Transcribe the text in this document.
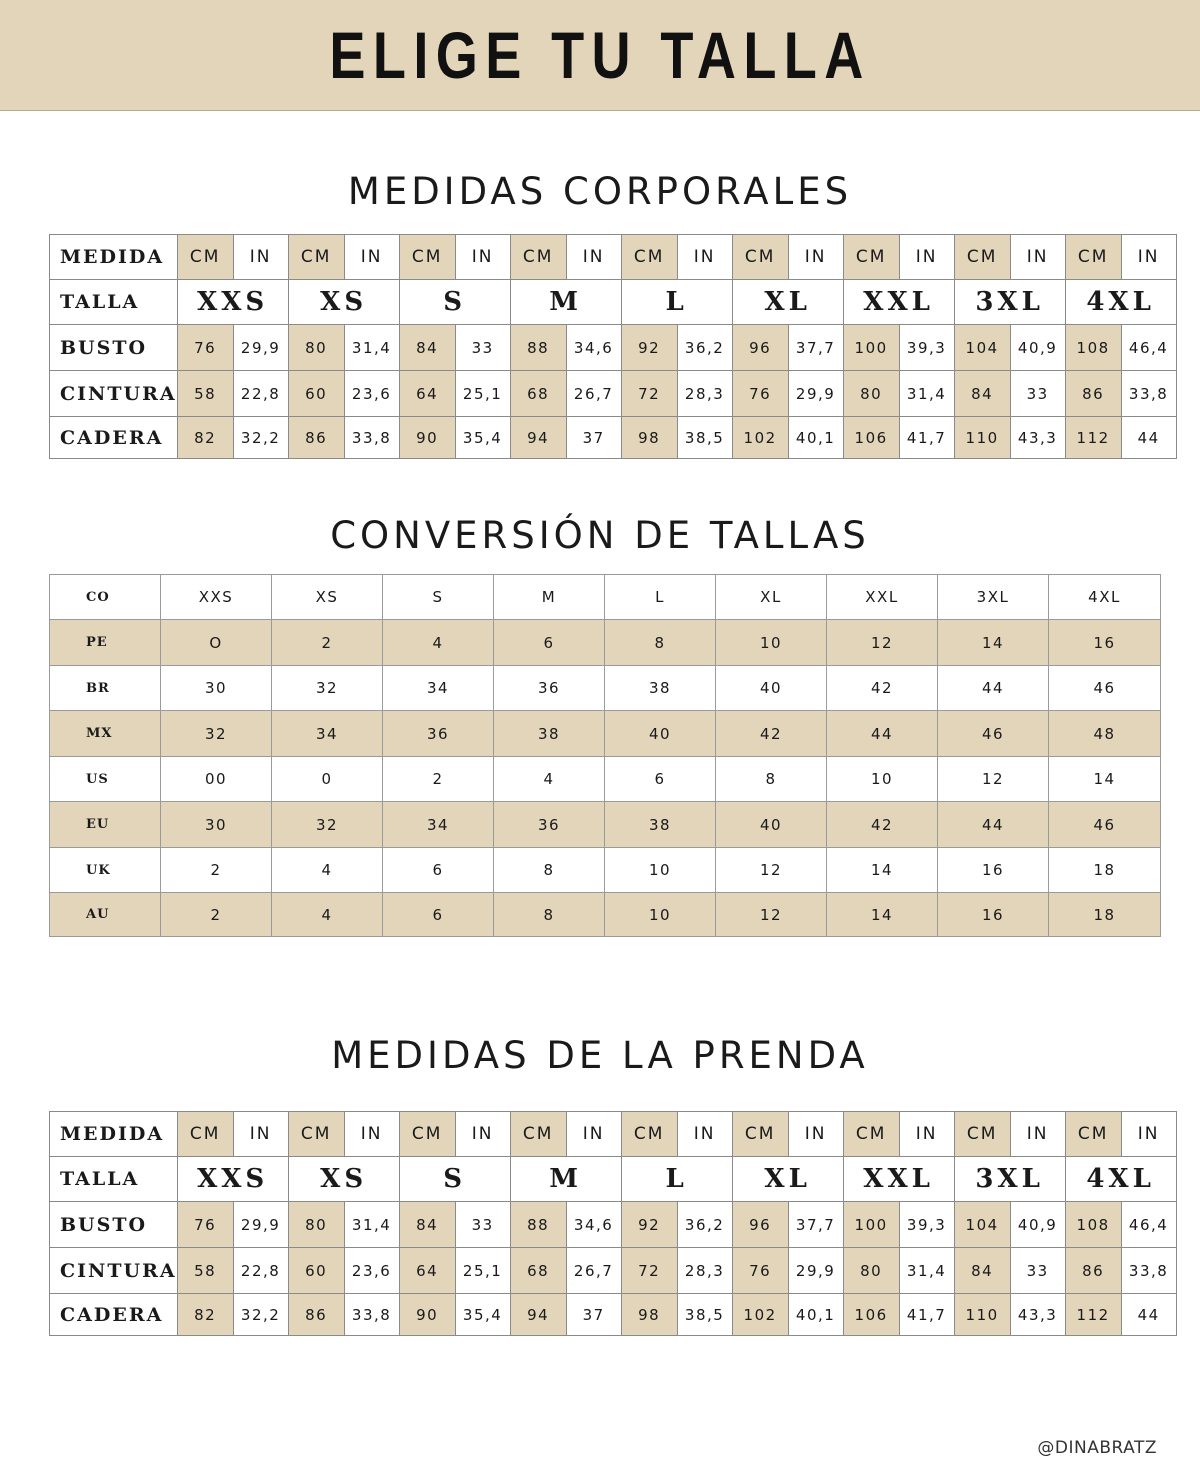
ELIGE TU TALLA
MEDIDAS CORPORALES
MEDIDA	CM	IN	CM	IN	CM	IN	CM	IN	CM	IN	CM	IN	CM	IN	CM	IN	CM	IN
TALLA	XXS		XS		S		M		L		XL		XXL		3XL		4XL	
BUSTO	76	29,9	80	31,4	84	33	88	34,6	92	36,2	96	37,7	100	39,3	104	40,9	108	46,4
CINTURA	58	22,8	60	23,6	64	25,1	68	26,7	72	28,3	76	29,9	80	31,4	84	33	86	33,8
CADERA	82	32,2	86	33,8	90	35,4	94	37	98	38,5	102	40,1	106	41,7	110	43,3	112	44
CONVERSIÓN DE TALLAS
CO	XXS	XS	S	M	L	XL	XXL	3XL	4XL
PE	O	2	4	6	8	10	12	14	16
BR	30	32	34	36	38	40	42	44	46
MX	32	34	36	38	40	42	44	46	48
US	00	0	2	4	6	8	10	12	14
EU	30	32	34	36	38	40	42	44	46
UK	2	4	6	8	10	12	14	16	18
AU	2	4	6	8	10	12	14	16	18
MEDIDAS DE LA PRENDA
MEDIDA	CM	IN	CM	IN	CM	IN	CM	IN	CM	IN	CM	IN	CM	IN	CM	IN	CM	IN
TALLA	XXS		XS		S		M		L		XL		XXL		3XL		4XL	
BUSTO	76	29,9	80	31,4	84	33	88	34,6	92	36,2	96	37,7	100	39,3	104	40,9	108	46,4
CINTURA	58	22,8	60	23,6	64	25,1	68	26,7	72	28,3	76	29,9	80	31,4	84	33	86	33,8
CADERA	82	32,2	86	33,8	90	35,4	94	37	98	38,5	102	40,1	106	41,7	110	43,3	112	44
@DINABRATZ
